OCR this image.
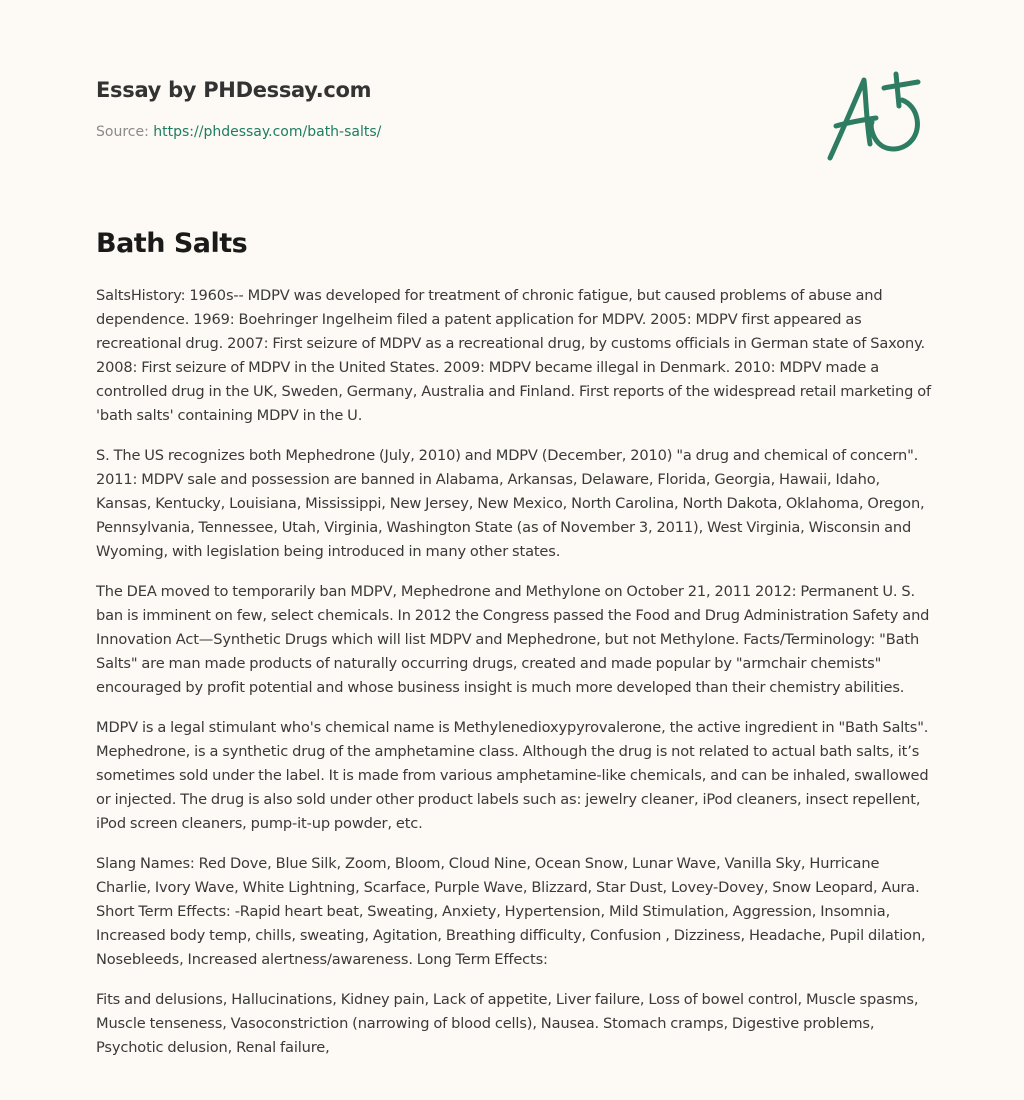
Essay by PHDessay.com
Source: https://phdessay.com/bath-salts/
Bath Salts

SaltsHistory: 1960s-- MDPV was developed for treatment of chronic fatigue, but caused problems of abuse and dependence. 1969: Boehringer Ingelheim filed a patent application for MDPV. 2005: MDPV first appeared as recreational drug. 2007: First seizure of MDPV as a recreational drug, by customs officials in German state of Saxony. 2008: First seizure of MDPV in the United States. 2009: MDPV became illegal in Denmark. 2010: MDPV made a controlled drug in the UK, Sweden, Germany, Australia and Finland. First reports of the widespread retail marketing of 'bath salts' containing MDPV in the U.

S. The US recognizes both Mephedrone (July, 2010) and MDPV (December, 2010) "a drug and chemical of concern". 2011: MDPV sale and possession are banned in Alabama, Arkansas, Delaware, Florida, Georgia, Hawaii, Idaho, Kansas, Kentucky, Louisiana, Mississippi, New Jersey, New Mexico, North Carolina, North Dakota, Oklahoma, Oregon, Pennsylvania, Tennessee, Utah, Virginia, Washington State (as of November 3, 2011), West Virginia, Wisconsin and Wyoming, with legislation being introduced in many other states.

The DEA moved to temporarily ban MDPV, Mephedrone and Methylone on October 21, 2011 2012: Permanent U. S. ban is imminent on few, select chemicals. In 2012 the Congress passed the Food and Drug Administration Safety and Innovation Act—Synthetic Drugs which will list MDPV and Mephedrone, but not Methylone. Facts/Terminology: "Bath Salts" are man made products of naturally occurring drugs, created and made popular by "armchair chemists" encouraged by profit potential and whose business insight is much more developed than their chemistry abilities.

MDPV is a legal stimulant who's chemical name is Methylenedioxypyrovalerone, the active ingredient in "Bath Salts". Mephedrone, is a synthetic drug of the amphetamine class. Although the drug is not related to actual bath salts, it’s sometimes sold under the label. It is made from various amphetamine-like chemicals, and can be inhaled, swallowed or injected. The drug is also sold under other product labels such as: jewelry cleaner, iPod cleaners, insect repellent, iPod screen cleaners, pump-it-up powder, etc.

Slang Names: Red Dove, Blue Silk, Zoom, Bloom, Cloud Nine, Ocean Snow, Lunar Wave, Vanilla Sky, Hurricane Charlie, Ivory Wave, White Lightning, Scarface, Purple Wave, Blizzard, Star Dust, Lovey-Dovey, Snow Leopard, Aura. Short Term Effects: -Rapid heart beat, Sweating, Anxiety, Hypertension, Mild Stimulation, Aggression, Insomnia, Increased body temp, chills, sweating, Agitation, Breathing difficulty, Confusion , Dizziness, Headache, Pupil dilation, Nosebleeds, Increased alertness/awareness. Long Term Effects:

Fits and delusions, Hallucinations, Kidney pain, Lack of appetite, Liver failure, Loss of bowel control, Muscle spasms, Muscle tenseness, Vasoconstriction (narrowing of blood cells), Nausea. Stomach cramps, Digestive problems, Psychotic delusion, Renal failure,
